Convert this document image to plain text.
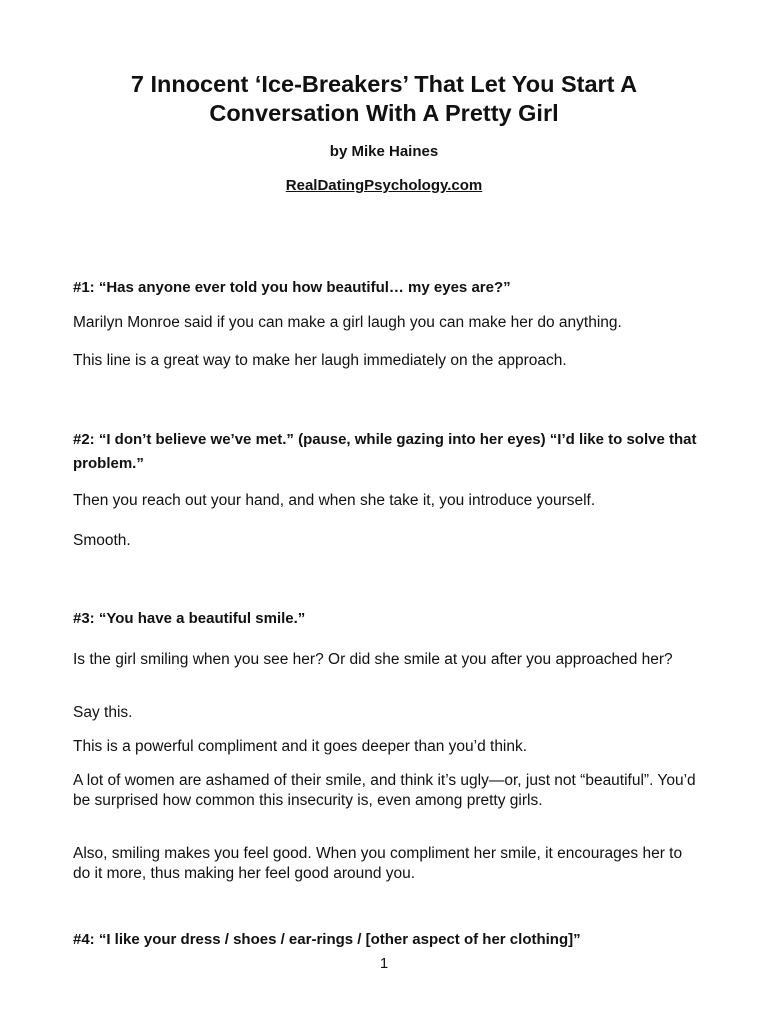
7 Innocent ‘Ice-Breakers’ That Let You Start A Conversation With A Pretty Girl

by Mike Haines

RealDatingPsychology.com

#1: “Has anyone ever told you how beautiful… my eyes are?”

Marilyn Monroe said if you can make a girl laugh you can make her do anything.

This line is a great way to make her laugh immediately on the approach.

#2: “I don’t believe we’ve met.” (pause, while gazing into her eyes) “I’d like to solve that problem.”

Then you reach out your hand, and when she take it, you introduce yourself.

Smooth.

#3: “You have a beautiful smile.”

Is the girl smiling when you see her? Or did she smile at you after you approached her?

Say this.

This is a powerful compliment and it goes deeper than you’d think.

A lot of women are ashamed of their smile, and think it’s ugly—or, just not “beautiful”. You’d be surprised how common this insecurity is, even among pretty girls.

Also, smiling makes you feel good. When you compliment her smile, it encourages her to do it more, thus making her feel good around you.

#4: “I like your dress / shoes / ear-rings / [other aspect of her clothing]”

1
